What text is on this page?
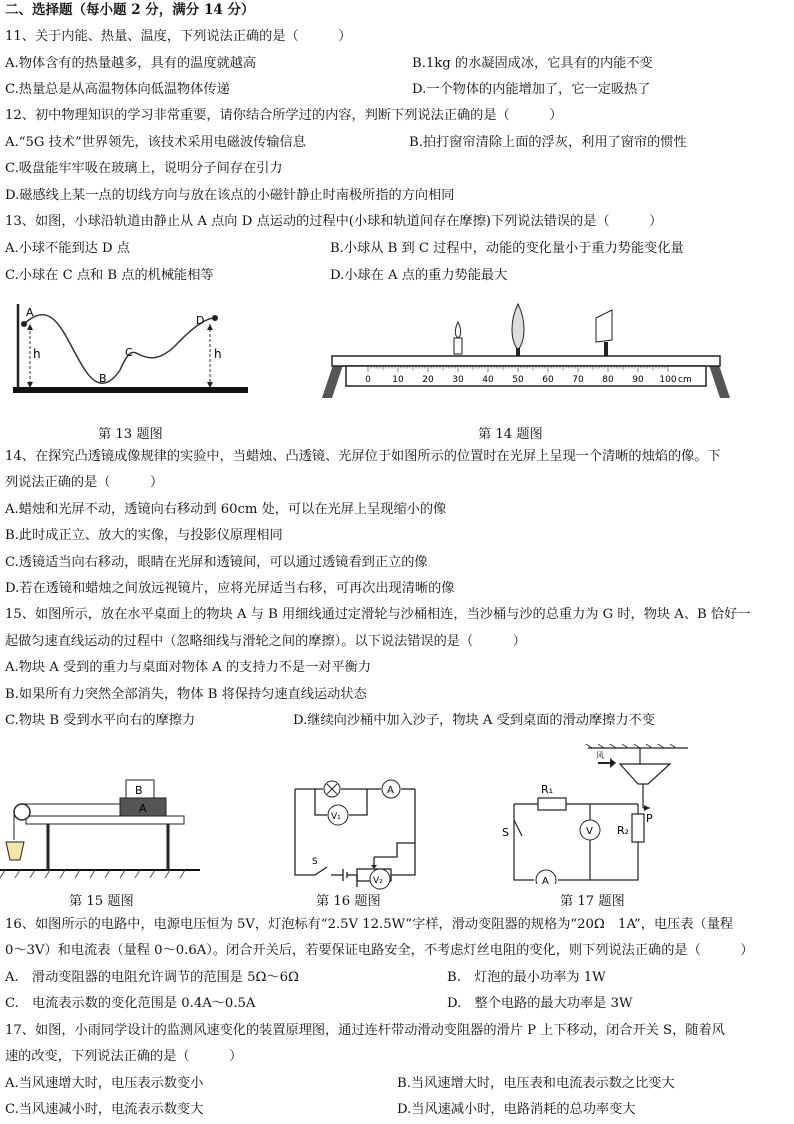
二、选择题（每小题 2 分，满分 14 分）
11、关于内能、热量、温度，下列说法正确的是（　　　）
A.物体含有的热量越多，具有的温度就越高	B.1kg 的水凝固成冰，它具有的内能不变
C.热量总是从高温物体向低温物体传递	D.一个物体的内能增加了，它一定吸热了
12、初中物理知识的学习非常重要，请你结合所学过的内容，判断下列说法正确的是（　　　）
A.“5G 技术”世界领先，该技术采用电磁波传输信息	B.拍打窗帘清除上面的浮灰，利用了窗帘的惯性
C.吸盘能牢牢吸在玻璃上，说明分子间存在引力
D.磁感线上某一点的切线方向与放在该点的小磁针静止时南极所指的方向相同
13、如图，小球沿轨道由静止从 A 点向 D 点运动的过程中(小球和轨道间存在摩擦)下列说法错误的是（　　　）
A.小球不能到达 D 点	B.小球从 B 到 C 过程中，动能的变化量小于重力势能变化量
C.小球在 C 点和 B 点的机械能相等	D.小球在 A 点的重力势能最大
A
h
B
C
D
h
0 10 20 30 40 50 60 70 80 90 100 cm
第 13 题图	第 14 题图
14、在探究凸透镜成像规律的实验中，当蜡烛、凸透镜、光屏位于如图所示的位置时在光屏上呈现一个清晰的烛焰的像。下
列说法正确的是（　　　）
A.蜡烛和光屏不动，透镜向右移动到 60cm 处，可以在光屏上呈现缩小的像
B.此时成正立、放大的实像，与投影仪原理相同
C.透镜适当向右移动，眼睛在光屏和透镜间，可以通过透镜看到正立的像
D.若在透镜和蜡烛之间放远视镜片，应将光屏适当右移，可再次出现清晰的像
15、如图所示，放在水平桌面上的物块 A 与 B 用细线通过定滑轮与沙桶相连，当沙桶与沙的总重力为 G 时，物块 A、B 恰好一
起做匀速直线运动的过程中（忽略细线与滑轮之间的摩擦）。以下说法错误的是（　　　）
A.物块 A 受到的重力与桌面对物体 A 的支持力不是一对平衡力
B.如果所有力突然全部消失，物体 B 将保持匀速直线运动状态
C.物块 B 受到水平向右的摩擦力	D.继续向沙桶中加入沙子，物块 A 受到桌面的滑动摩擦力不变
A
B	A
V₁
S
V₂
风
V
A
R₁
R₂
S
P
第 15 题图	第 16 题图	第 17 题图
16、如图所示的电路中，电源电压恒为 5V，灯泡标有“2.5V 12.5W”字样，滑动变阻器的规格为“20Ω　1A”，电压表（量程
0～3V）和电流表（量程 0～0.6A）。闭合开关后，若要保证电路安全，不考虑灯丝电阻的变化，则下列说法正确的是（　　　）
A.　滑动变阻器的电阻允许调节的范围是 5Ω～6Ω	B.　灯泡的最小功率为 1W
C.　电流表示数的变化范围是 0.4A～0.5A	D.　整个电路的最大功率是 3W
17、如图，小雨同学设计的监测风速变化的装置原理图，通过连杆带动滑动变阻器的滑片 P 上下移动，闭合开关 S，随着风
速的改变，下列说法正确的是（　　　）
A.当风速增大时，电压表示数变小	B.当风速增大时，电压表和电流表示数之比变大
C.当风速减小时，电流表示数变大	D.当风速减小时，电路消耗的总功率变大
